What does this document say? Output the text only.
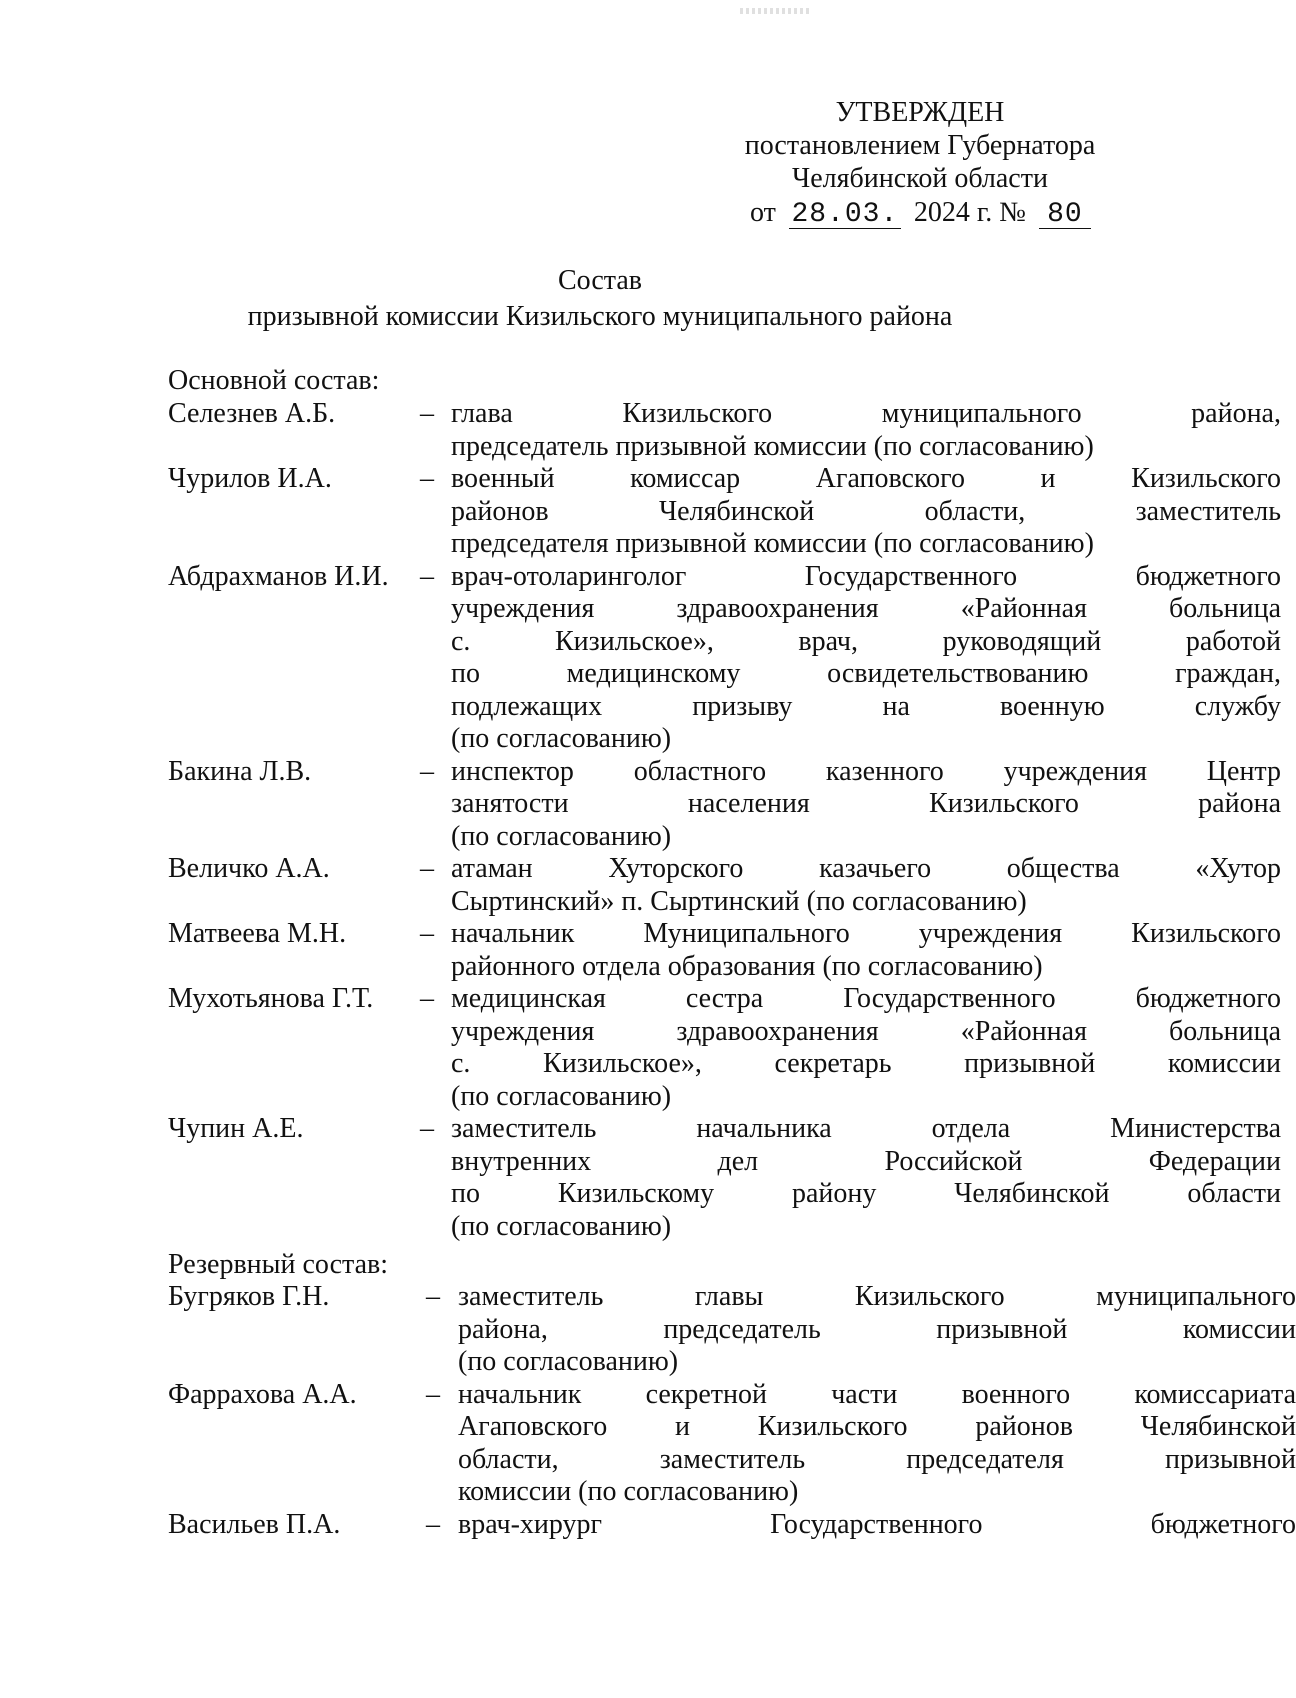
УТВЕРЖДЕН
постановлением Губернатора
Челябинской области
от 28.03. 2024 г. № 80
Состав
призывной комиссии Кизильского муниципального района
Основной состав:
Селезнев А.Б.	– глава Кизильского муниципального района,
председатель призывной комиссии (по согласованию)
Чурилов И.А.	– военный комиссар Агаповского и Кизильского
районов Челябинской области, заместитель
председателя призывной комиссии (по согласованию)
Абдрахманов И.И. – врач-отоларинголог Государственного бюджетного
учреждения здравоохранения «Районная больница
с. Кизильское», врач, руководящий работой
по медицинскому освидетельствованию граждан,
подлежащих призыву на военную службу
(по согласованию)
Бакина Л.В.	– инспектор областного казенного учреждения Центр
занятости населения Кизильского района
(по согласованию)
Величко А.А.	– атаман Хуторского казачьего общества «Хутор
Сыртинский» п. Сыртинский (по согласованию)
Матвеева М.Н.	– начальник Муниципального учреждения Кизильского
районного отдела образования (по согласованию)
Мухотьянова Г.Т. – медицинская сестра Государственного бюджетного
учреждения здравоохранения «Районная больница
с. Кизильское», секретарь призывной комиссии
(по согласованию)
Чупин А.Е.	– заместитель начальника отдела Министерства
внутренних дел Российской Федерации
по Кизильскому району Челябинской области
(по согласованию)
Резервный состав:
Бугряков Г.Н.	– заместитель главы Кизильского муниципального
района, председатель призывной комиссии
(по согласованию)
Фаррахова А.А. – начальник секретной части военного комиссариата
Агаповского и Кизильского районов Челябинской
области, заместитель председателя призывной
комиссии (по согласованию)
Васильев П.А.	– врач-хирург Государственного бюджетного
